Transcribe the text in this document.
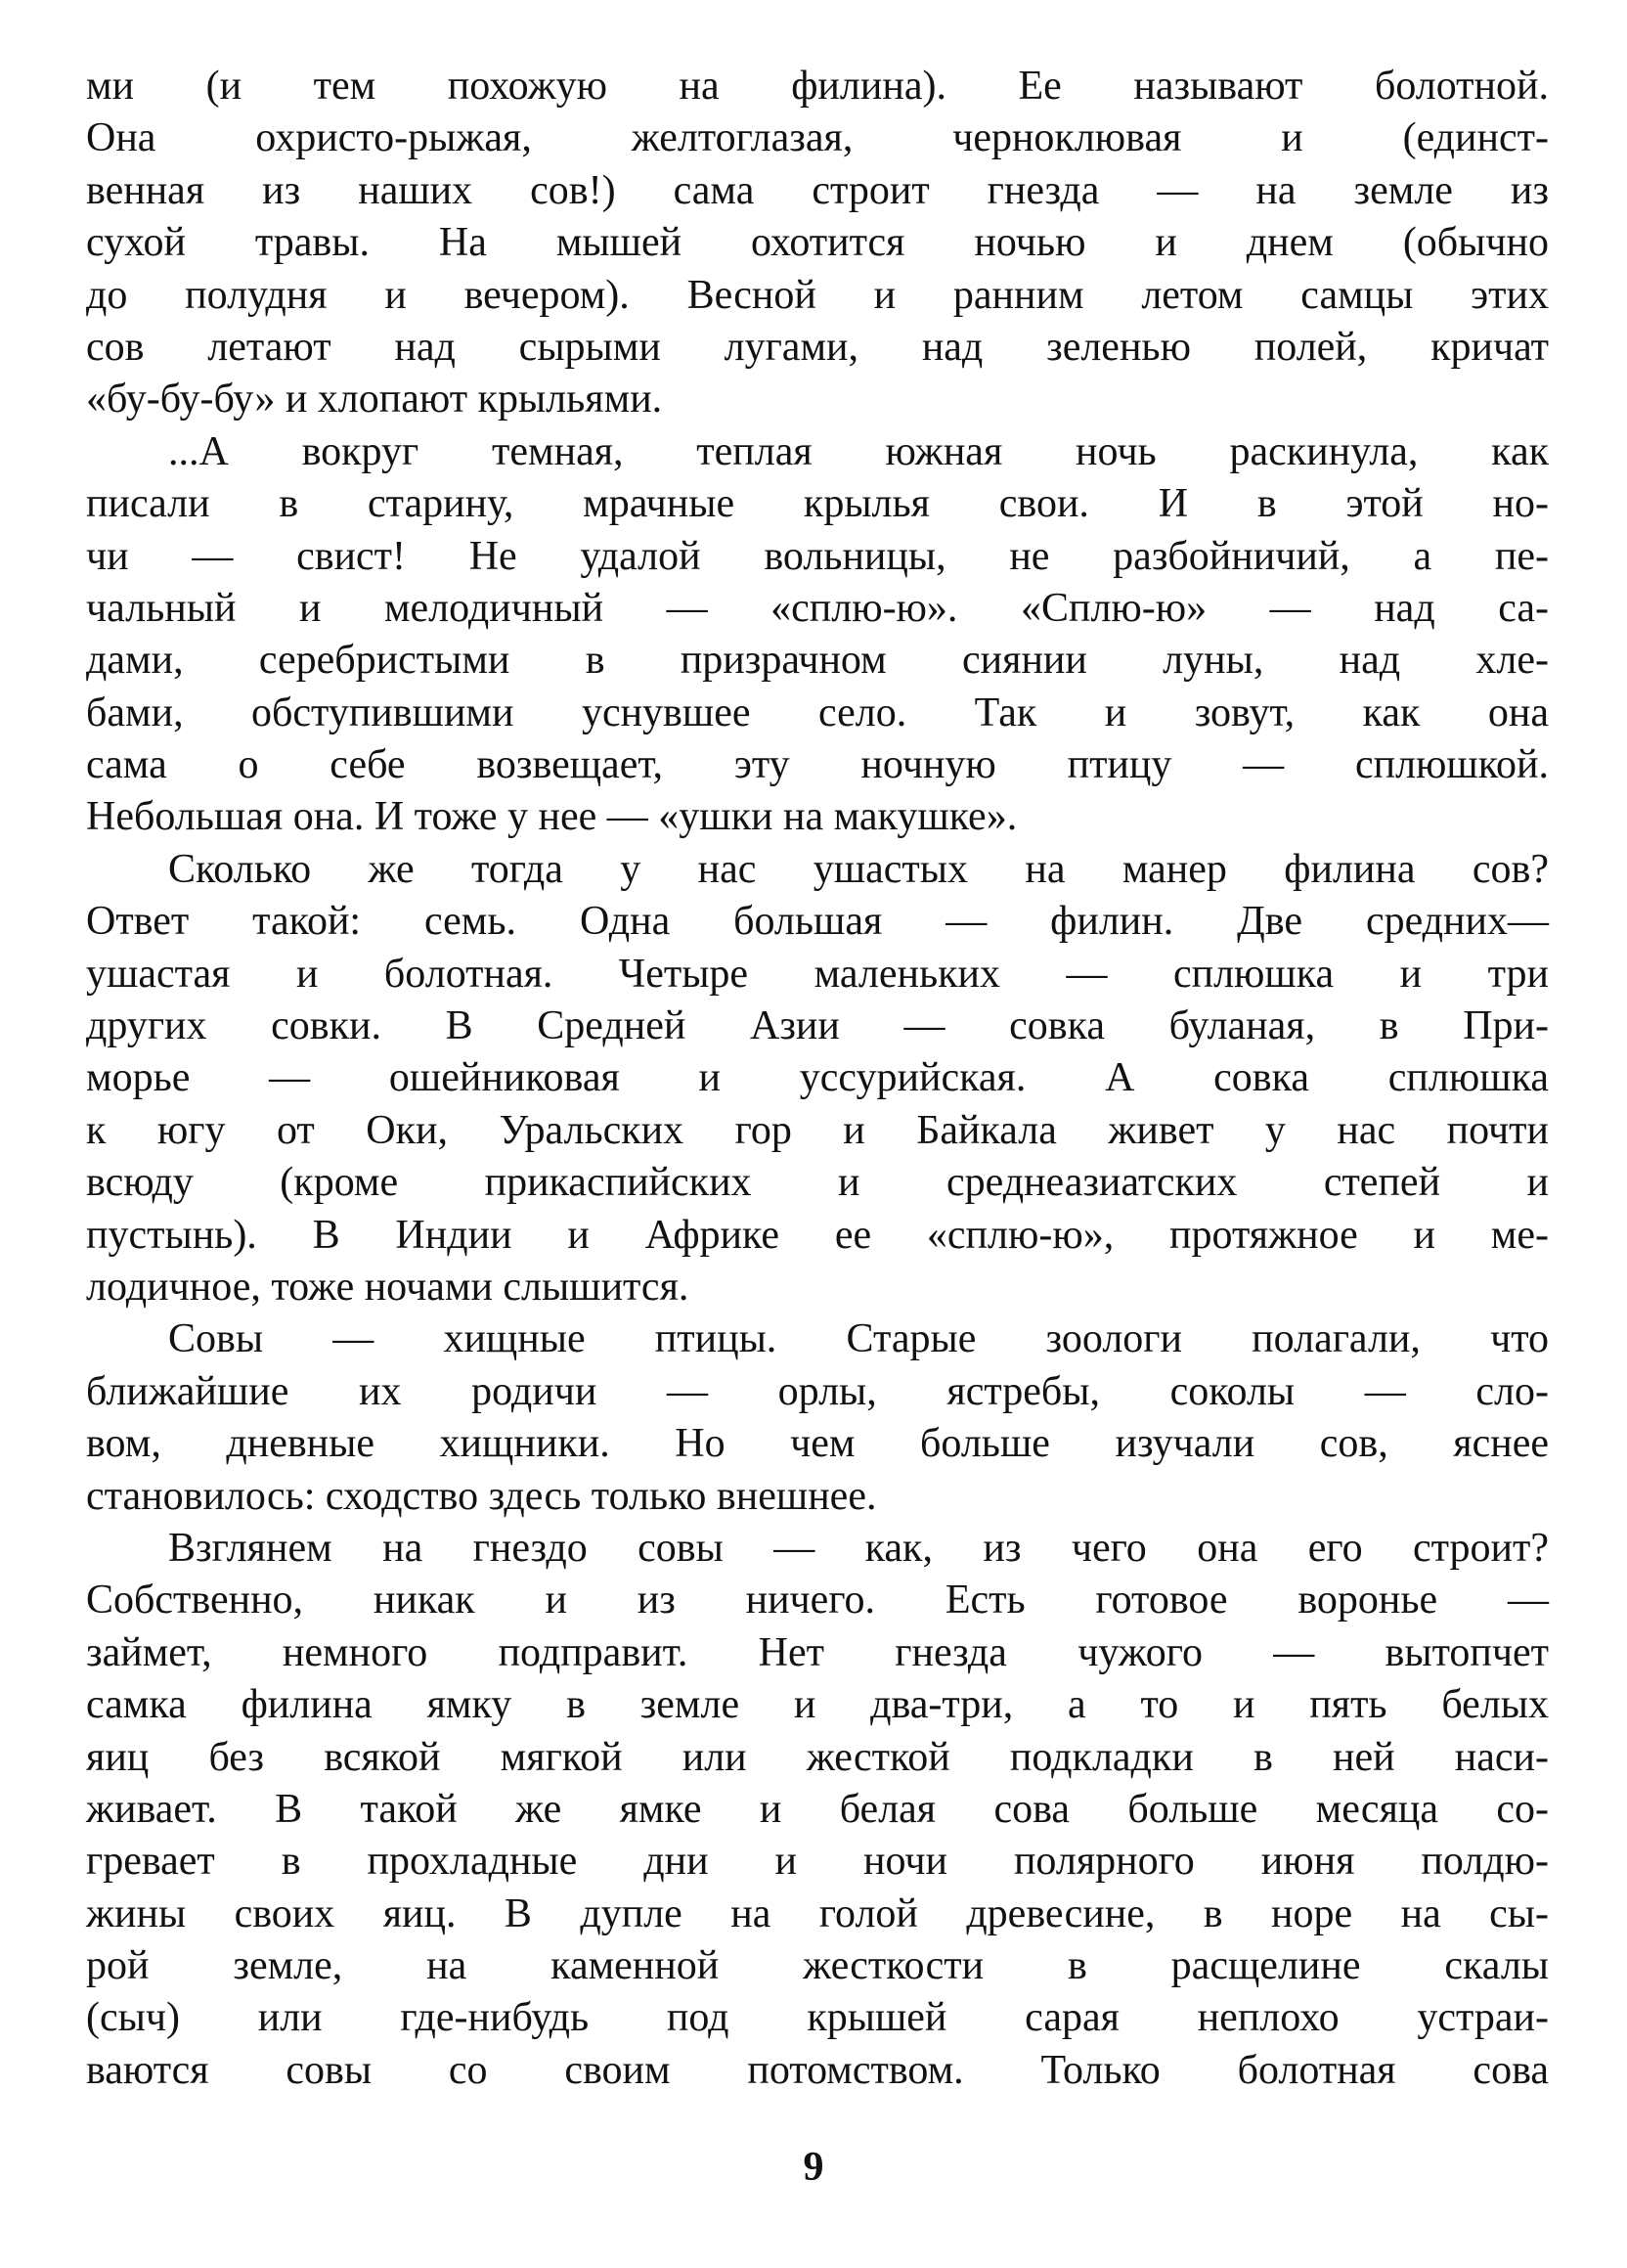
ми (и тем похожую на филина). Ее называют болотной.
Она охристо-рыжая, желтоглазая, черноклювая и (единст-
венная из наших сов!) сама строит гнезда — на земле из
сухой травы. На мышей охотится ночью и днем (обычно
до полудня и вечером). Весной и ранним летом самцы этих
сов летают над сырыми лугами, над зеленью полей, кричат
«бу-бу-бу» и хлопают крыльями.
...А вокруг темная, теплая южная ночь раскинула, как
писали в старину, мрачные крылья свои. И в этой но-
чи — свист! Не удалой вольницы, не разбойничий, а пе-
чальный и мелодичный — «сплю-ю». «Сплю-ю» — над са-
дами, серебристыми в призрачном сиянии луны, над хле-
бами, обступившими уснувшее село. Так и зовут, как она
сама о себе возвещает, эту ночную птицу — сплюшкой.
Небольшая она. И тоже у нее — «ушки на макушке».
Сколько же тогда у нас ушастых на манер филина сов?
Ответ такой: семь. Одна большая — филин. Две средних—
ушастая и болотная. Четыре маленьких — сплюшка и три
других совки. В Средней Азии — совка буланая, в При-
морье — ошейниковая и уссурийская. А совка сплюшка
к югу от Оки, Уральских гор и Байкала живет у нас почти
всюду (кроме прикаспийских и среднеазиатских степей и
пустынь). В Индии и Африке ее «сплю-ю», протяжное и ме-
лодичное, тоже ночами слышится.
Совы — хищные птицы. Старые зоологи полагали, что
ближайшие их родичи — орлы, ястребы, соколы — сло-
вом, дневные хищники. Но чем больше изучали сов, яснее
становилось: сходство здесь только внешнее.
Взглянем на гнездо совы — как, из чего она его строит?
Собственно, никак и из ничего. Есть готовое воронье —
займет, немного подправит. Нет гнезда чужого — вытопчет
самка филина ямку в земле и два-три, а то и пять белых
яиц без всякой мягкой или жесткой подкладки в ней наси-
живает. В такой же ямке и белая сова больше месяца со-
гревает в прохладные дни и ночи полярного июня полдю-
жины своих яиц. В дупле на голой древесине, в норе на сы-
рой земле, на каменной жесткости в расщелине скалы
(сыч) или где-нибудь под крышей сарая неплохо устраи-
ваются совы со своим потомством. Только болотная сова
9
